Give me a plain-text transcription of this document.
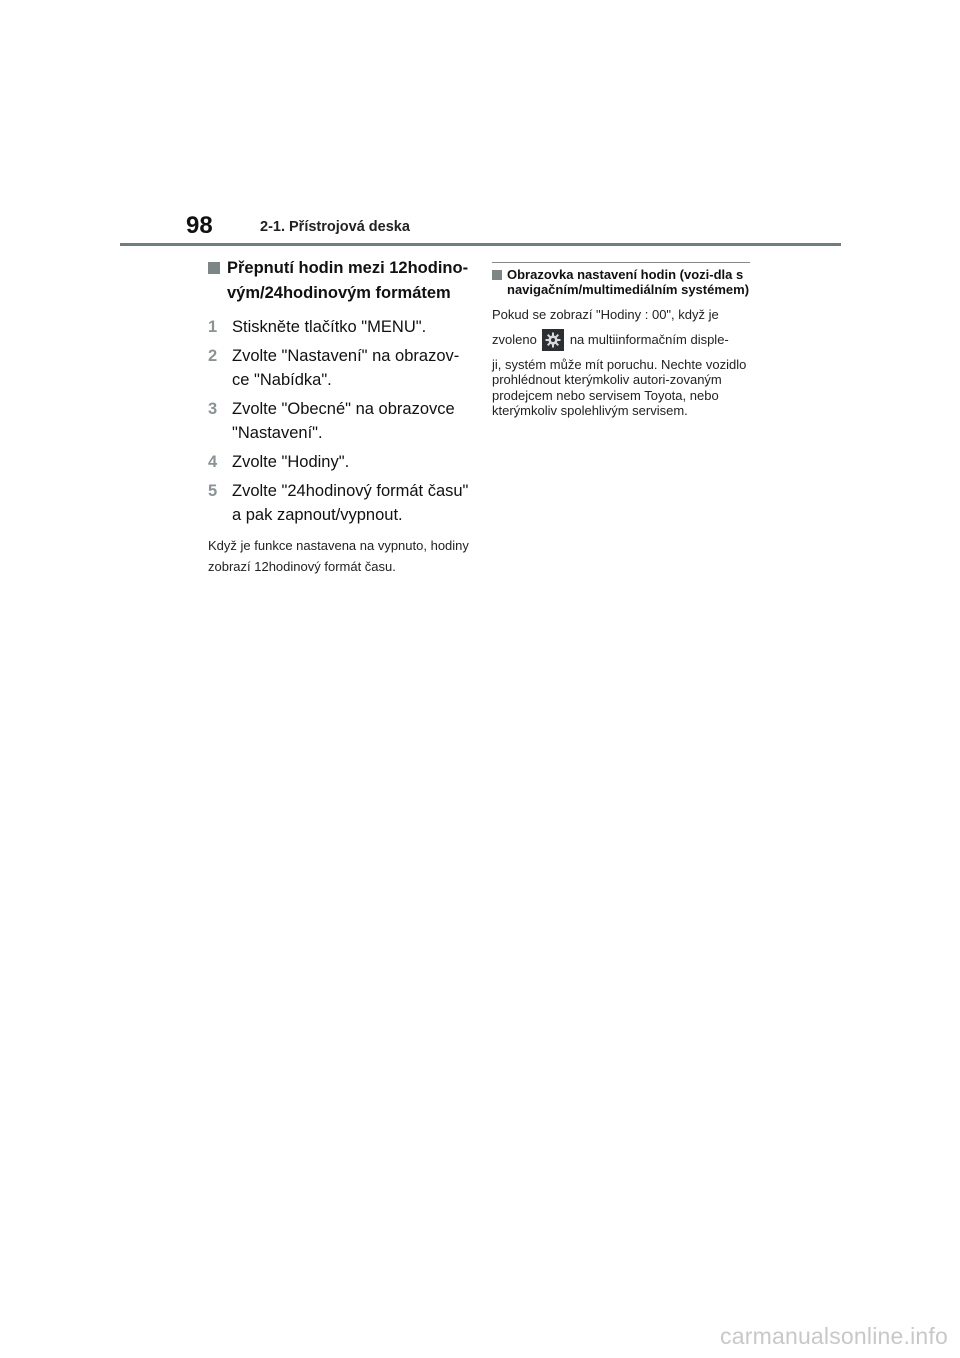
98	2-1. Přístrojová deska
Přepnutí hodin mezi 12hodino-vým/24hodinovým formátem
1 Stiskněte tlačítko "MENU".
2 Zvolte "Nastavení" na obrazov-ce "Nabídka".
3 Zvolte "Obecné" na obrazovce "Nastavení".
4 Zvolte "Hodiny".
5 Zvolte "24hodinový formát času" a pak zapnout/vypnout.
Když je funkce nastavena na vypnuto, hodiny zobrazí 12hodinový formát času.
Obrazovka nastavení hodin (vozi-dla s navigačním/multimediálním systémem)
Pokud se zobrazí "Hodiny : 00", když je
zvoleno	na multiinformačním disple-
ji, systém může mít poruchu. Nechte vozidlo prohlédnout kterýmkoliv autori-zovaným prodejcem nebo servisem Toyota, nebo kterýmkoliv spolehlivým servisem.
carmanualsonline.info
